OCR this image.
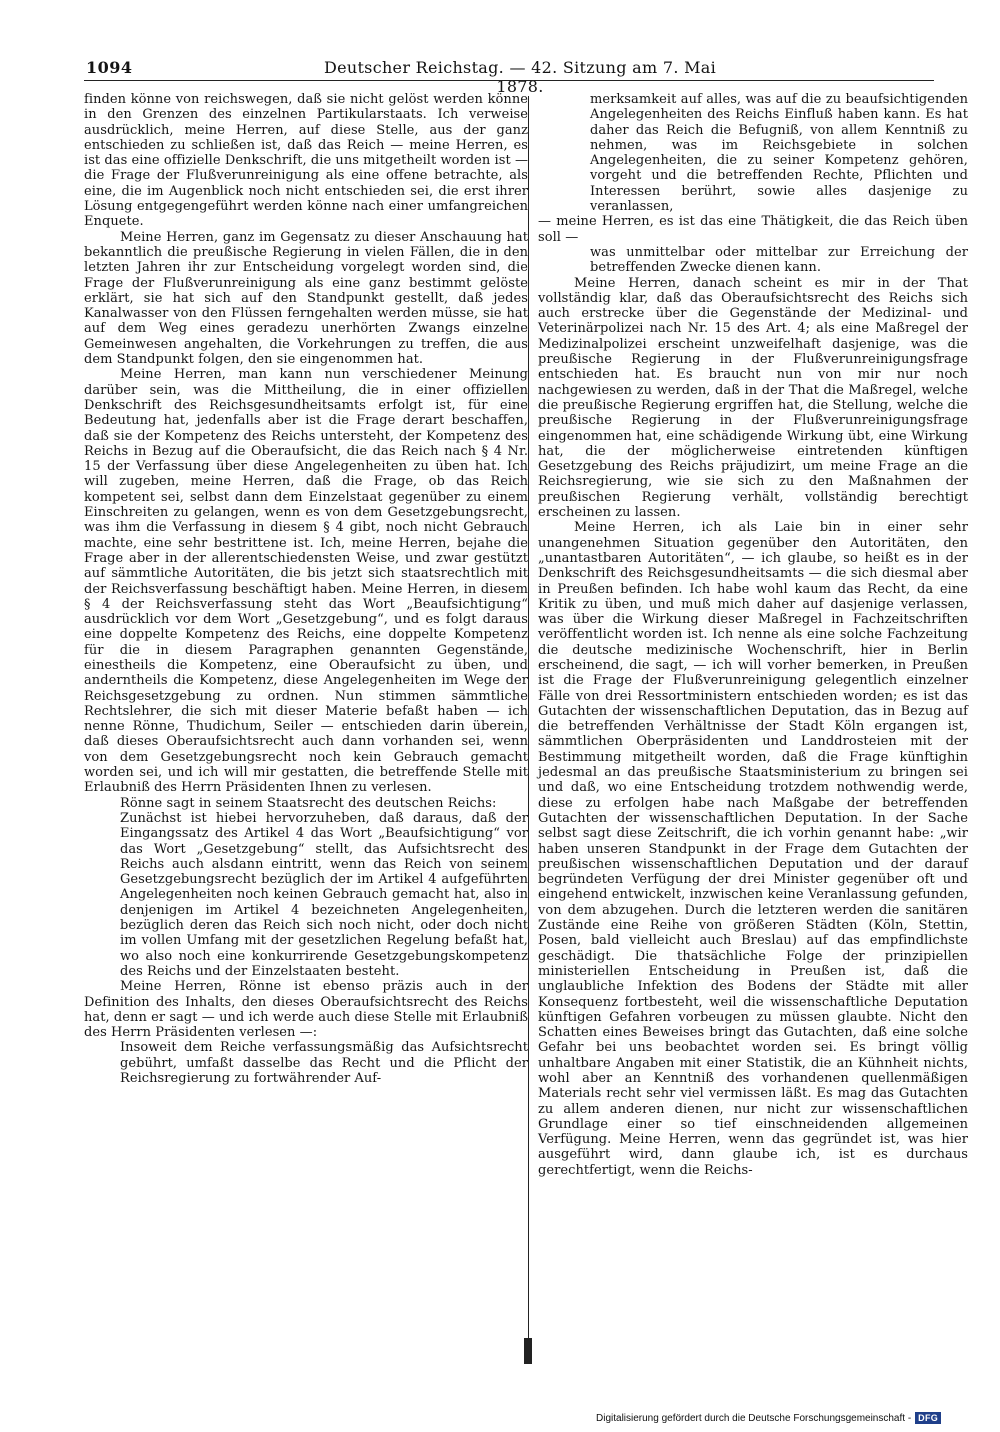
1094	Deutscher Reichstag. — 42. Sitzung am 7. Mai 1878.

finden könne von reichswegen, daß sie nicht gelöst werden könne in den Grenzen des einzelnen Partikularstaats. Ich verweise ausdrücklich, meine Herren, auf diese Stelle, aus der ganz entschieden zu schließen ist, daß das Reich — meine Herren, es ist das eine offizielle Denkschrift, die uns mitgetheilt worden ist — die Frage der Flußverunreinigung als eine offene betrachte, als eine, die im Augenblick noch nicht entschieden sei, die erst ihrer Lösung entgegengeführt werden könne nach einer umfangreichen Enquete.

Meine Herren, ganz im Gegensatz zu dieser Anschauung hat bekanntlich die preußische Regierung in vielen Fällen, die in den letzten Jahren ihr zur Entscheidung vorgelegt worden sind, die Frage der Flußverunreinigung als eine ganz bestimmt gelöste erklärt, sie hat sich auf den Standpunkt gestellt, daß jedes Kanalwasser von den Flüssen ferngehalten werden müsse, sie hat auf dem Weg eines geradezu unerhörten Zwangs einzelne Gemeinwesen angehalten, die Vorkehrungen zu treffen, die aus dem Standpunkt folgen, den sie eingenommen hat.

Meine Herren, man kann nun verschiedener Meinung darüber sein, was die Mittheilung, die in einer offiziellen Denkschrift des Reichsgesundheitsamts erfolgt ist, für eine Bedeutung hat, jedenfalls aber ist die Frage derart beschaffen, daß sie der Kompetenz des Reichs untersteht, der Kompetenz des Reichs in Bezug auf die Oberaufsicht, die das Reich nach § 4 Nr. 15 der Verfassung über diese Angelegenheiten zu üben hat. Ich will zugeben, meine Herren, daß die Frage, ob das Reich kompetent sei, selbst dann dem Einzelstaat gegenüber zu einem Einschreiten zu gelangen, wenn es von dem Gesetzgebungsrecht, was ihm die Verfassung in diesem § 4 gibt, noch nicht Gebrauch machte, eine sehr bestrittene ist. Ich, meine Herren, bejahe die Frage aber in der allerentschiedensten Weise, und zwar gestützt auf sämmtliche Autoritäten, die bis jetzt sich staatsrechtlich mit der Reichsverfassung beschäftigt haben. Meine Herren, in diesem § 4 der Reichsverfassung steht das Wort „Beaufsichtigung“ ausdrücklich vor dem Wort „Gesetzgebung“, und es folgt daraus eine doppelte Kompetenz des Reichs, eine doppelte Kompetenz für die in diesem Paragraphen genannten Gegenstände, einestheils die Kompetenz, eine Oberaufsicht zu üben, und anderntheils die Kompetenz, diese Angelegenheiten im Wege der Reichsgesetzgebung zu ordnen. Nun stimmen sämmtliche Rechtslehrer, die sich mit dieser Materie befaßt haben — ich nenne Rönne, Thudichum, Seiler — entschieden darin überein, daß dieses Oberaufsichtsrecht auch dann vorhanden sei, wenn von dem Gesetzgebungsrecht noch kein Gebrauch gemacht worden sei, und ich will mir gestatten, die betreffende Stelle mit Erlaubniß des Herrn Präsidenten Ihnen zu verlesen.

Rönne sagt in seinem Staatsrecht des deutschen Reichs:

Zunächst ist hiebei hervorzuheben, daß daraus, daß der Eingangssatz des Artikel 4 das Wort „Beaufsichtigung“ vor das Wort „Gesetzgebung“ stellt, das Aufsichtsrecht des Reichs auch alsdann eintritt, wenn das Reich von seinem Gesetzgebungsrecht bezüglich der im Artikel 4 aufgeführten Angelegenheiten noch keinen Gebrauch gemacht hat, also in denjenigen im Artikel 4 bezeichneten Angelegenheiten, bezüglich deren das Reich sich noch nicht, oder doch nicht im vollen Umfang mit der gesetzlichen Regelung befaßt hat, wo also noch eine konkurrirende Gesetzgebungskompetenz des Reichs und der Einzelstaaten besteht.

Meine Herren, Rönne ist ebenso präzis auch in der Definition des Inhalts, den dieses Oberaufsichtsrecht des Reichs hat, denn er sagt — und ich werde auch diese Stelle mit Erlaubniß des Herrn Präsidenten verlesen —:

Insoweit dem Reiche verfassungsmäßig das Aufsichtsrecht gebührt, umfaßt dasselbe das Recht und die Pflicht der Reichsregierung zu fortwährender Auf-

merksamkeit auf alles, was auf die zu beaufsichtigenden Angelegenheiten des Reichs Einfluß haben kann. Es hat daher das Reich die Befugniß, von allem Kenntniß zu nehmen, was im Reichsgebiete in solchen Angelegenheiten, die zu seiner Kompetenz gehören, vorgeht und die betreffenden Rechte, Pflichten und Interessen berührt, sowie alles dasjenige zu veranlassen,

— meine Herren, es ist das eine Thätigkeit, die das Reich üben soll —

was unmittelbar oder mittelbar zur Erreichung der betreffenden Zwecke dienen kann.

Meine Herren, danach scheint es mir in der That vollständig klar, daß das Oberaufsichtsrecht des Reichs sich auch erstrecke über die Gegenstände der Medizinal- und Veterinärpolizei nach Nr. 15 des Art. 4; als eine Maßregel der Medizinalpolizei erscheint unzweifelhaft dasjenige, was die preußische Regierung in der Flußverunreinigungsfrage entschieden hat. Es braucht nun von mir nur noch nachgewiesen zu werden, daß in der That die Maßregel, welche die preußische Regierung ergriffen hat, die Stellung, welche die preußische Regierung in der Flußverunreinigungsfrage eingenommen hat, eine schädigende Wirkung übt, eine Wirkung hat, die der möglicherweise eintretenden künftigen Gesetzgebung des Reichs präjudizirt, um meine Frage an die Reichsregierung, wie sie sich zu den Maßnahmen der preußischen Regierung verhält, vollständig berechtigt erscheinen zu lassen.

Meine Herren, ich als Laie bin in einer sehr unangenehmen Situation gegenüber den Autoritäten, den „unantastbaren Autoritäten“, — ich glaube, so heißt es in der Denkschrift des Reichsgesundheitsamts — die sich diesmal aber in Preußen befinden. Ich habe wohl kaum das Recht, da eine Kritik zu üben, und muß mich daher auf dasjenige verlassen, was über die Wirkung dieser Maßregel in Fachzeitschriften veröffentlicht worden ist. Ich nenne als eine solche Fachzeitung die deutsche medizinische Wochenschrift, hier in Berlin erscheinend, die sagt, — ich will vorher bemerken, in Preußen ist die Frage der Flußverunreinigung gelegentlich einzelner Fälle von drei Ressortministern entschieden worden; es ist das Gutachten der wissenschaftlichen Deputation, das in Bezug auf die betreffenden Verhältnisse der Stadt Köln ergangen ist, sämmtlichen Oberpräsidenten und Landdrosteien mit der Bestimmung mitgetheilt worden, daß die Frage künftighin jedesmal an das preußische Staatsministerium zu bringen sei und daß, wo eine Entscheidung trotzdem nothwendig werde, diese zu erfolgen habe nach Maßgabe der betreffenden Gutachten der wissenschaftlichen Deputation. In der Sache selbst sagt diese Zeitschrift, die ich vorhin genannt habe: „wir haben unseren Standpunkt in der Frage dem Gutachten der preußischen wissenschaftlichen Deputation und der darauf begründeten Verfügung der drei Minister gegenüber oft und eingehend entwickelt, inzwischen keine Veranlassung gefunden, von dem abzugehen. Durch die letzteren werden die sanitären Zustände eine Reihe von größeren Städten (Köln, Stettin, Posen, bald vielleicht auch Breslau) auf das empfindlichste geschädigt. Die thatsächliche Folge der prinzipiellen ministeriellen Entscheidung in Preußen ist, daß die unglaubliche Infektion des Bodens der Städte mit aller Konsequenz fortbesteht, weil die wissenschaftliche Deputation künftigen Gefahren vorbeugen zu müssen glaubte. Nicht den Schatten eines Beweises bringt das Gutachten, daß eine solche Gefahr bei uns beobachtet worden sei. Es bringt völlig unhaltbare Angaben mit einer Statistik, die an Kühnheit nichts, wohl aber an Kenntniß des vorhandenen quellenmäßigen Materials recht sehr viel vermissen läßt. Es mag das Gutachten zu allem anderen dienen, nur nicht zur wissenschaftlichen Grundlage einer so tief einschneidenden allgemeinen Verfügung. Meine Herren, wenn das gegründet ist, was hier ausgeführt wird, dann glaube ich, ist es durchaus gerechtfertigt, wenn die Reichs-

Digitalisierung gefördert durch die Deutsche Forschungsgemeinschaft - DFG
